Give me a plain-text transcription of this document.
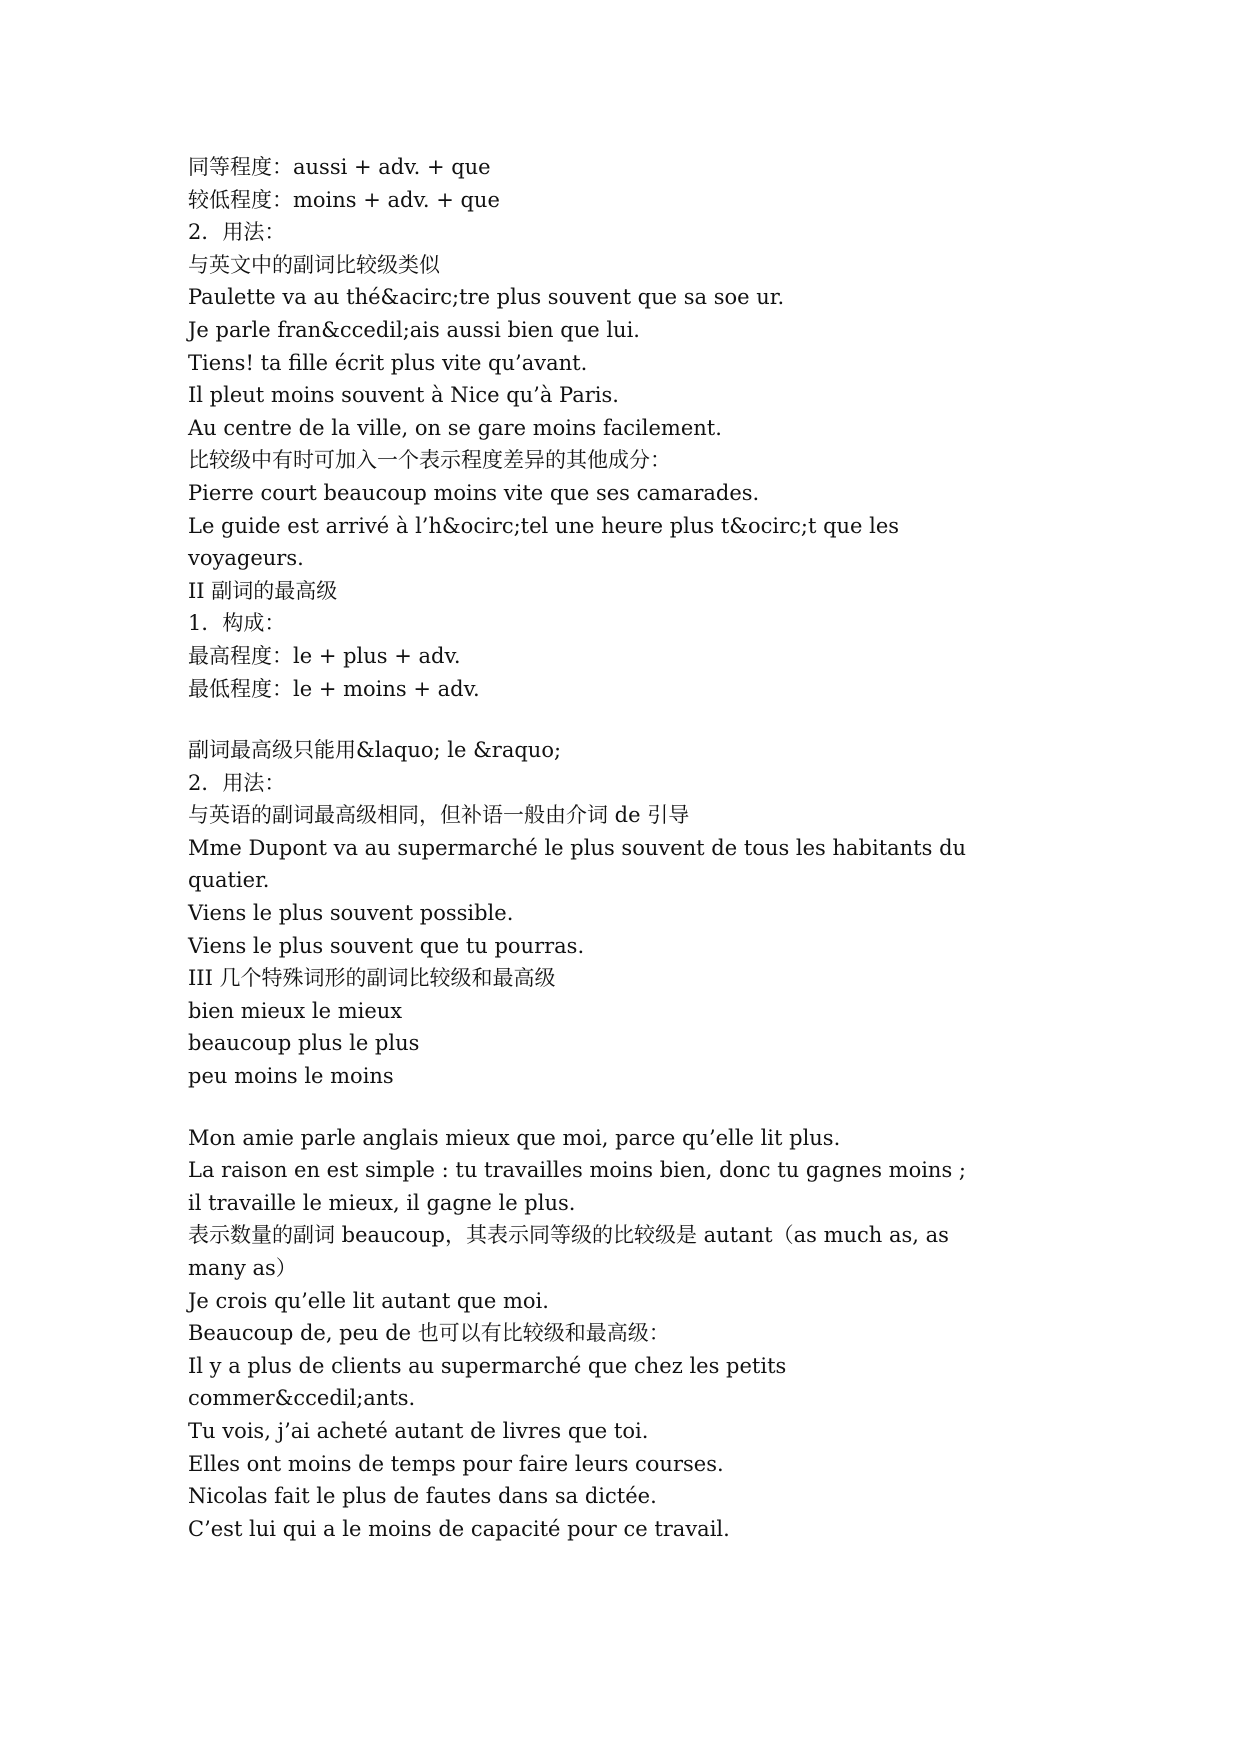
同等程度：aussi + adv. + que

较低程度：moins + adv. + que

2．用法：

与英文中的副词比较级类似

Paulette va au thé&acirc;tre plus souvent que sa soe ur.

Je parle fran&ccedil;ais aussi bien que lui.

Tiens! ta fille écrit plus vite qu’avant.

Il pleut moins souvent à Nice qu’à Paris.

Au centre de la ville, on se gare moins facilement.

比较级中有时可加入一个表示程度差异的其他成分：

Pierre court beaucoup moins vite que ses camarades.

Le guide est arrivé à l’h&ocirc;tel une heure plus t&ocirc;t que les

voyageurs.

II 副词的最高级

1．构成：

最高程度：le + plus + adv.

最低程度：le + moins + adv.

副词最高级只能用&laquo; le &raquo;

2．用法：

与英语的副词最高级相同，但补语一般由介词 de 引导

Mme Dupont va au supermarché le plus souvent de tous les habitants du

quatier.

Viens le plus souvent possible.

Viens le plus souvent que tu pourras.

III 几个特殊词形的副词比较级和最高级

bien mieux le mieux

beaucoup plus le plus

peu moins le moins

Mon amie parle anglais mieux que moi, parce qu’elle lit plus.

La raison en est simple : tu travailles moins bien, donc tu gagnes moins ;

il travaille le mieux, il gagne le plus.

表示数量的副词 beaucoup，其表示同等级的比较级是 autant（as much as, as

many as）

Je crois qu’elle lit autant que moi.

Beaucoup de, peu de 也可以有比较级和最高级：

Il y a plus de clients au supermarché que chez les petits

commer&ccedil;ants.

Tu vois, j’ai acheté autant de livres que toi.

Elles ont moins de temps pour faire leurs courses.

Nicolas fait le plus de fautes dans sa dictée.

C’est lui qui a le moins de capacité pour ce travail.
